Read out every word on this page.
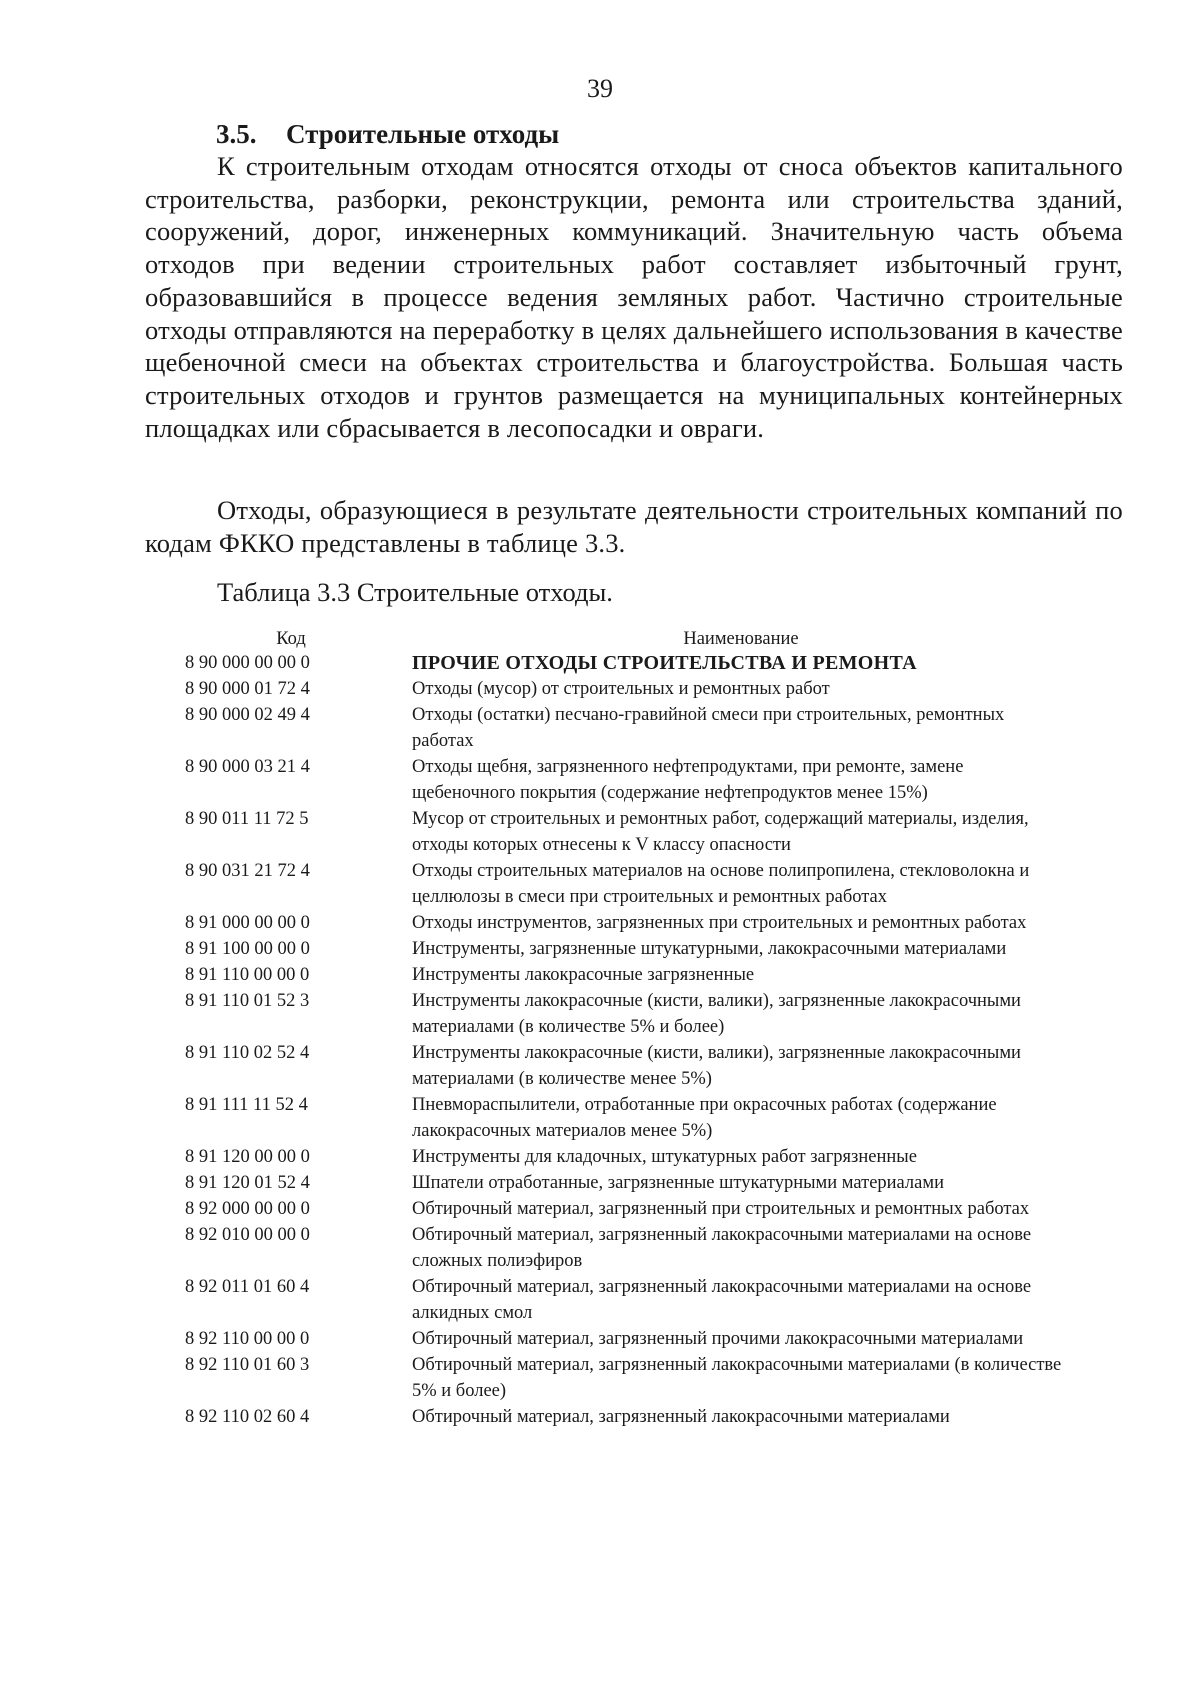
39
3.5. Строительные отходы

К строительным отходам относятся отходы от сноса объектов капитального строительства, разборки, реконструкции, ремонта или строительства зданий, сооружений, дорог, инженерных коммуникаций. Значительную часть объема отходов при ведении строительных работ составляет избыточный грунт, образовавшийся в процессе ведения земляных работ. Частично строительные отходы отправляются на переработку в целях дальнейшего использования в качестве щебеночной смеси на объектах строительства и благоустройства. Большая часть строительных отходов и грунтов размещается на муниципальных контейнерных площадках или сбрасывается в лесопосадки и овраги.

Отходы, образующиеся в результате деятельности строительных компаний по кодам ФККО представлены в таблице 3.3.

Таблица 3.3 Строительные отходы.
Код	Наименование
8 90 000 00 00 0	ПРОЧИЕ ОТХОДЫ СТРОИТЕЛЬСТВА И РЕМОНТА
8 90 000 01 72 4	Отходы (мусор) от строительных и ремонтных работ
8 90 000 02 49 4	Отходы (остатки) песчано-гравийной смеси при строительных, ремонтных работах
8 90 000 03 21 4	Отходы щебня, загрязненного нефтепродуктами, при ремонте, замене щебеночного покрытия (содержание нефтепродуктов менее 15%)
8 90 011 11 72 5	Мусор от строительных и ремонтных работ, содержащий материалы, изделия, отходы которых отнесены к V классу опасности
8 90 031 21 72 4	Отходы строительных материалов на основе полипропилена, стекловолокна и целлюлозы в смеси при строительных и ремонтных работах
8 91 000 00 00 0	Отходы инструментов, загрязненных при строительных и ремонтных работах
8 91 100 00 00 0	Инструменты, загрязненные штукатурными, лакокрасочными материалами
8 91 110 00 00 0	Инструменты лакокрасочные загрязненные
8 91 110 01 52 3	Инструменты лакокрасочные (кисти, валики), загрязненные лакокрасочными материалами (в количестве 5% и более)
8 91 110 02 52 4	Инструменты лакокрасочные (кисти, валики), загрязненные лакокрасочными материалами (в количестве менее 5%)
8 91 111 11 52 4	Пневмораспылители, отработанные при окрасочных работах (содержание лакокрасочных материалов менее 5%)
8 91 120 00 00 0	Инструменты для кладочных, штукатурных работ загрязненные
8 91 120 01 52 4	Шпатели отработанные, загрязненные штукатурными материалами
8 92 000 00 00 0	Обтирочный материал, загрязненный при строительных и ремонтных работах
8 92 010 00 00 0	Обтирочный материал, загрязненный лакокрасочными материалами на основе сложных полиэфиров
8 92 011 01 60 4	Обтирочный материал, загрязненный лакокрасочными материалами на основе алкидных смол
8 92 110 00 00 0	Обтирочный материал, загрязненный прочими лакокрасочными материалами
8 92 110 01 60 3	Обтирочный материал, загрязненный лакокрасочными материалами (в количестве 5% и более)
8 92 110 02 60 4	Обтирочный материал, загрязненный лакокрасочными материалами
